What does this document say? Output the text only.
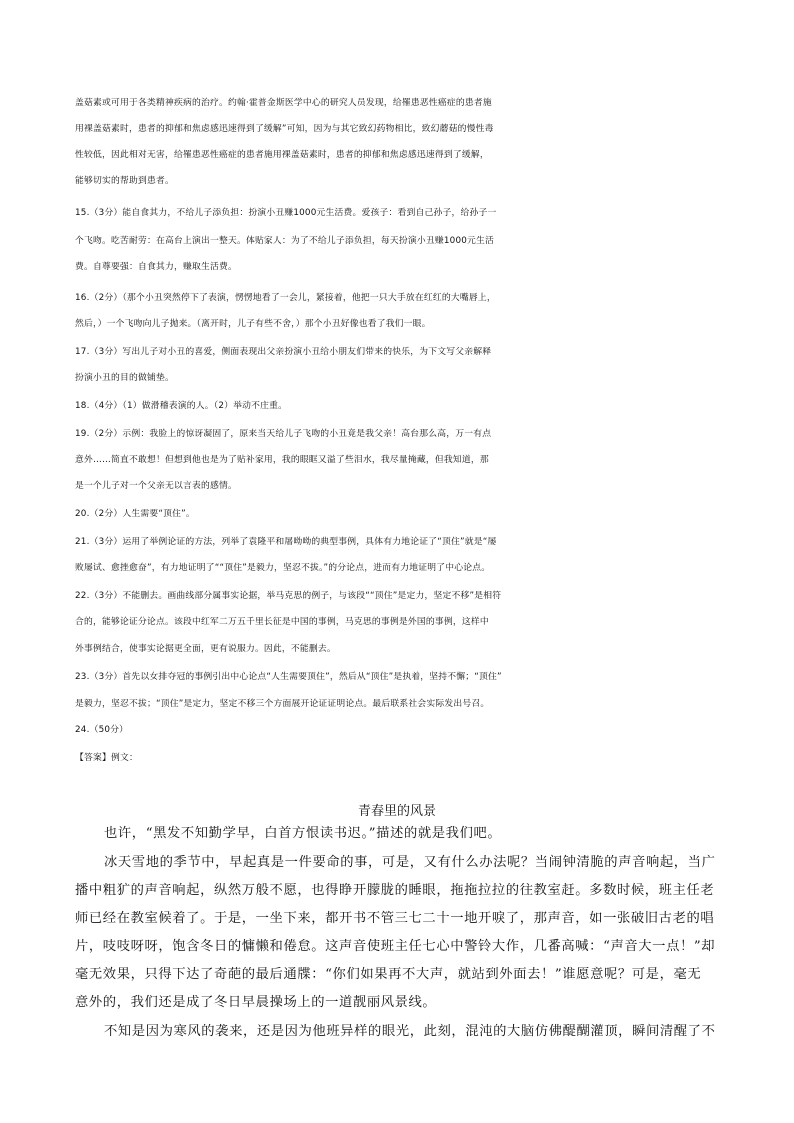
盖菇素或可用于各类精神疾病的治疗。约翰·霍普金斯医学中心的研究人员发现，给罹患恶性癌症的患者施
用裸盖菇素时，患者的抑郁和焦虑感迅速得到了缓解”可知，因为与其它致幻药物相比，致幻蘑菇的慢性毒
性较低，因此相对无害，给罹患恶性癌症的患者施用裸盖菇素时，患者的抑郁和焦虑感迅速得到了缓解，
能够切实的帮助到患者。
15.（3分）能自食其力，不给儿子添负担：扮演小丑赚1000元生活费。爱孩子：看到自己孙子，给孙子一
个飞吻。吃苦耐劳：在高台上演出一整天。体贴家人：为了不给儿子添负担，每天扮演小丑赚1000元生活
费。自尊要强：自食其力，赚取生活费。
16.（2分）（那个小丑突然停下了表演，愣愣地看了一会儿，紧接着，他把一只大手放在红红的大嘴唇上，
然后，）一个飞吻向儿子抛来。（离开时，儿子有些不舍，）那个小丑好像也看了我们一眼。
17.（3分）写出儿子对小丑的喜爱，侧面表现出父亲扮演小丑给小朋友们带来的快乐，为下文写父亲解释
扮演小丑的目的做铺垫。
18.（4分）（1）做滑稽表演的人。（2）举动不庄重。
19.（2分）示例：我脸上的惊讶凝固了，原来当天给儿子飞吻的小丑竟是我父亲！高台那么高，万一有点
意外……简直不敢想！但想到他也是为了贴补家用，我的眼眶又溢了些泪水，我尽量掩藏，但我知道，那
是一个儿子对一个父亲无以言表的感情。
20.（2分）人生需要“顶住”。
21.（3分）运用了举例论证的方法，列举了袁隆平和屠呦呦的典型事例，具体有力地论证了“顶住”就是“屡
败屡试、愈挫愈奋”，有力地证明了““顶住”是毅力，坚忍不拔。”的分论点，进而有力地证明了中心论点。
22.（3分）不能删去。画曲线部分属事实论据，举马克思的例子，与该段““顶住”是定力，坚定不移”是相符
合的，能够论证分论点。该段中红军二万五千里长征是中国的事例，马克思的事例是外国的事例，这样中
外事例结合，使事实论据更全面，更有说服力。因此，不能删去。
23.（3分）首先以女排夺冠的事例引出中心论点“人生需要顶住”，然后从“顶住”是执着，坚持不懈；“顶住”
是毅力，坚忍不拔；“顶住”是定力，坚定不移三个方面展开论证证明论点。最后联系社会实际发出号召。
24.（50分）
【答案】例文：
青春里的风景
也许，“黑发不知勤学早，白首方恨读书迟。”描述的就是我们吧。
冰天雪地的季节中，早起真是一件要命的事，可是，又有什么办法呢？当闹钟清脆的声音响起，当广
播中粗犷的声音响起，纵然万般不愿，也得睁开朦胧的睡眼，拖拖拉拉的往教室赶。多数时候，班主任老
师已经在教室候着了。于是，一坐下来，都开书不管三七二十一地开唳了，那声音，如一张破旧古老的唱
片，吱吱呀呀，饱含冬日的慵懒和倦怠。这声音使班主任七心中警铃大作，几番高喊：“声音大一点！”却
毫无效果，只得下达了奇葩的最后通牒：“你们如果再不大声，就站到外面去！”谁愿意呢？可是，毫无
意外的，我们还是成了冬日早晨操场上的一道靓丽风景线。
不知是因为寒风的袭来，还是因为他班异样的眼光，此刻，混沌的大脑仿佛醍醐灌顶，瞬间清醒了不
